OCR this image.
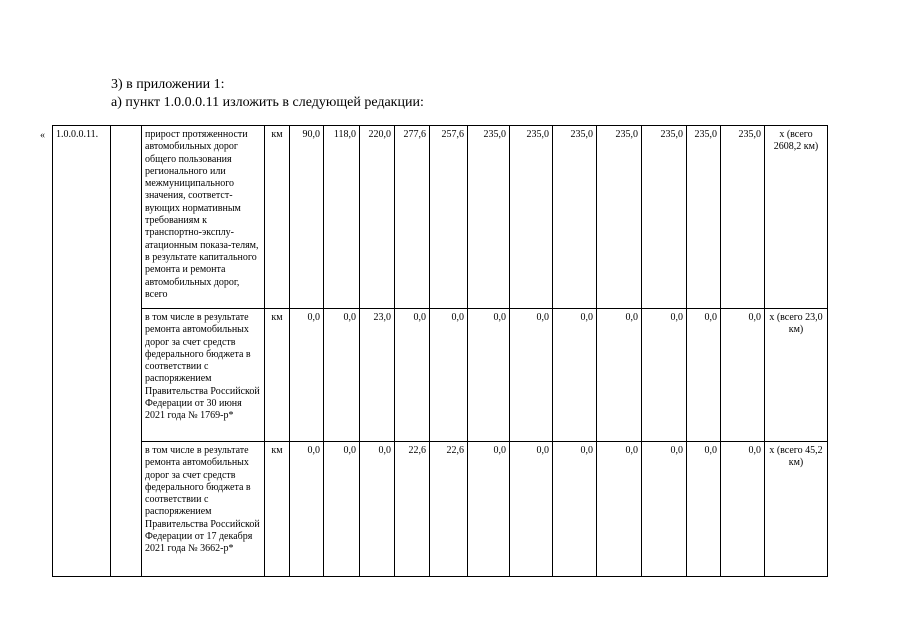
3) в приложении 1:
а) пункт 1.0.0.0.11 изложить в следующей редакции:
« 1.0.0.0.11.		прирост протяженности автомобильных дорог общего пользования регионального или межмуниципального значения, соответст-вующих нормативным требованиям к транспортно-эксплу-атационным показа-телям, в результате капитального ремонта и ремонта автомобильных дорог, всего	км	90,0	118,0	220,0	277,6	257,6	235,0	235,0	235,0	235,0	235,0	235,0	235,0	x (всего 2608,2 км)
		в том числе в результате ремонта автомобильных дорог за счет средств федерального бюджета в соответствии с распоряжением Правительства Российской Федерации от 30 июня 2021 года № 1769-р*	км	0,0	0,0	23,0	0,0	0,0	0,0	0,0	0,0	0,0	0,0	0,0	0,0	x (всего 23,0 км)
		в том числе в результате ремонта автомобильных дорог за счет средств федерального бюджета в соответствии с распоряжением Правительства Российской Федерации от 17 декабря 2021 года № 3662-р*	км	0,0	0,0	0,0	22,6	22,6	0,0	0,0	0,0	0,0	0,0	0,0	0,0	x (всего 45,2 км)
